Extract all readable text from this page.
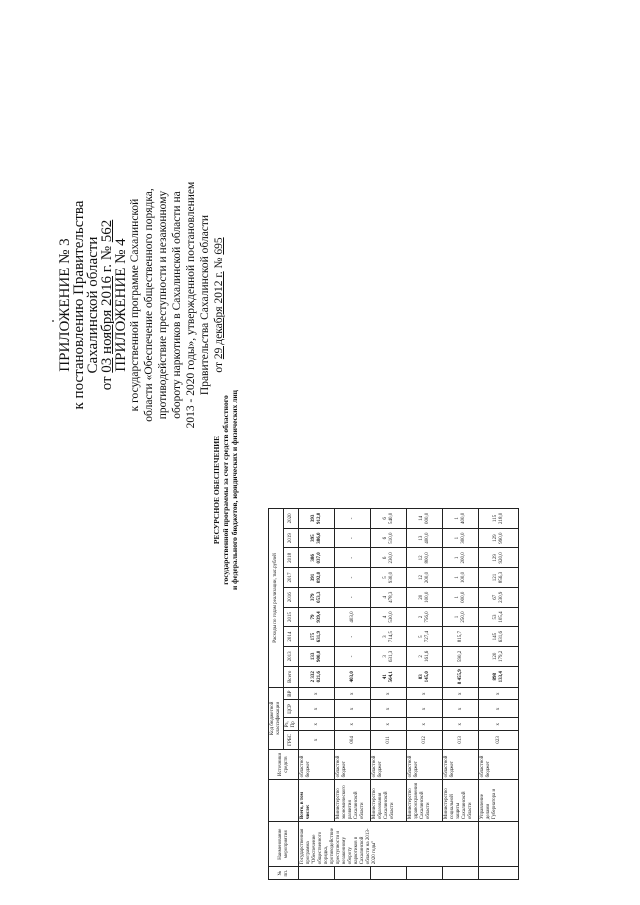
ПРИЛОЖЕНИЕ № 3
к постановлению Правительства
Сахалинской области
от 03 ноября 2016 г. № 562
ПРИЛОЖЕНИЕ № 4 к государственной программе Сахалинской области «Обеспечение общественного порядка, противодействие преступности и незаконному обороту наркотиков в Сахалинской области на 2013 - 2020 годы», утвержденной постановлением Правительства Сахалинской области от 29 декабря 2012 г. № 695
РЕСУРСНОЕ ОБЕСПЕЧЕНИЕ государственной программы за счет средств областного и федерального бюджетов, юридических и физических лиц
№ пп.	Наименование мероприятия		Источники средств	Код бюджетной классификации				Расходы по годам реализации, тыс.рублей								
				ГРБС	Рз, Пр	ЦСР	ВР	Всего	2013	2014	2015	2016	2017	2018	2019	2020
	Государственная программа "Обеспечение общественного порядка, противодействие преступности и незаконному обороту наркотиков в Сахалинской области на 2013-2020 годы"	Всего, в том числе:	областной бюджет	х	х	х	х	2 332 021,6	133 900,0	175 631,9	79 939,4	379 053,3	391 092,0	386 037,0	395 386,0	393 912,0
		Министерство экономического развития Сахалинской области	областной бюджет	004	х	х	х	403,0	-	-	403,0	-	-	-	-	-
		Министерство образования Сахалинской области	областной бюджет	011	х	х	х	41 564,1	3 631,3	3 714,5	4 530,0	4 478,3	5 930,0	6 230,0	6 510,0	6 540,0
		Министерство здравоохранения Сахалинской области	областной бюджет	012	х	х	х	83 145,0	2 161,6	5 727,4	2 756,0	20 100,0	12 200,0	12 800,0	13 400,0	14 000,0
		Министерство социальной защиты Сахалинской области	областной бюджет	013	х	х	х	8 455,9	590,2	815,7	1 250,0	1 000,0	1 100,0	1 200,0	1 300,0	1 400,0
		Управление делами Губернатора и	областной бюджет	023	х	х	х	898 133,4	120 179,2	145 631,6	53 105,4	67 230,9	121 856,3	129 920,0	129 990,0	115 218,0
